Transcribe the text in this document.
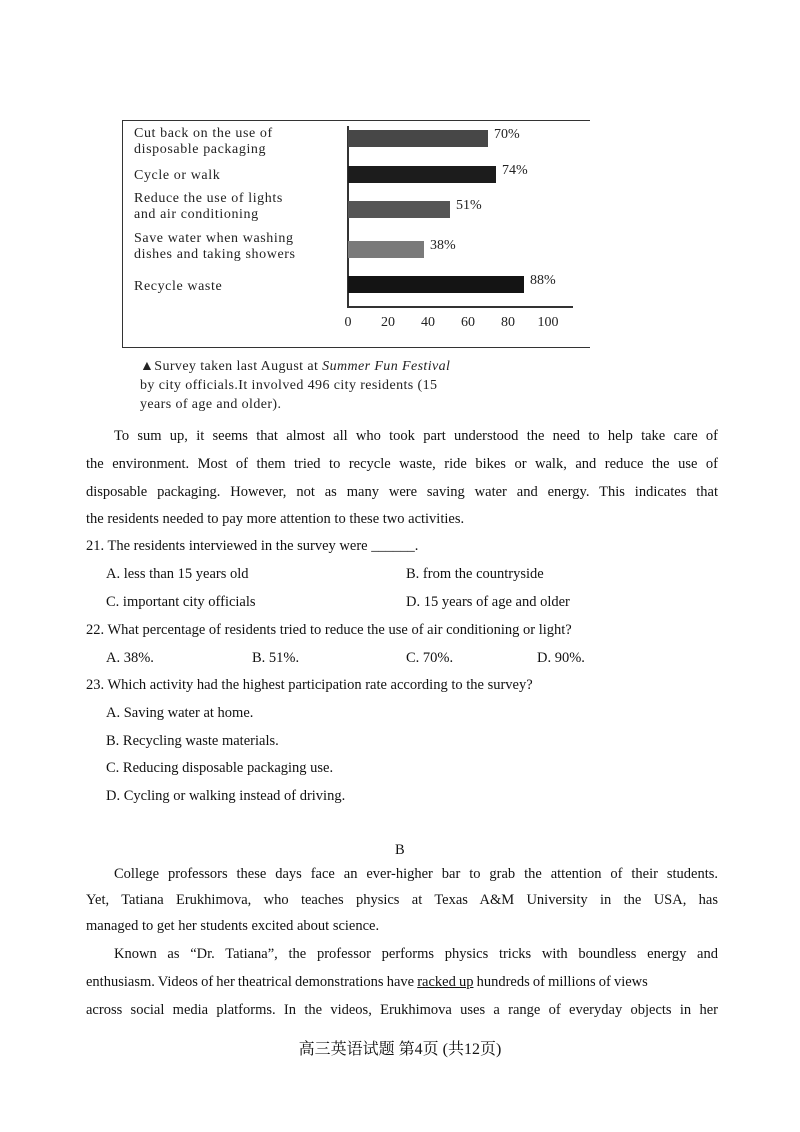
Cut back on the use of
disposable packaging
70%
Cycle or walk	74%
Reduce the use of lights
and air conditioning
51%
Save water when washing
dishes and taking showers
38%
Recycle waste	88%
0 20 40 60 80 100
▲Survey taken last August at Summer Fun Festival
by city officials.It involved 496 city residents (15
years of age and older).
To sum up, it seems that almost all who took part understood the need to help take care of
the environment. Most of them tried to recycle waste, ride bikes or walk, and reduce the use of
disposable packaging. However, not as many were saving water and energy. This indicates that
the residents needed to pay more attention to these two activities.
21. The residents interviewed in the survey were ______.
A. less than 15 years old	B. from the countryside
C. important city officials	D. 15 years of age and older
22. What percentage of residents tried to reduce the use of air conditioning or light?
A. 38%.	B. 51%.	C. 70%.	D. 90%.
23. Which activity had the highest participation rate according to the survey?
A. Saving water at home.
B. Recycling waste materials.
C. Reducing disposable packaging use.
D. Cycling or walking instead of driving.
B
College professors these days face an ever-higher bar to grab the attention of their students.
Yet, Tatiana Erukhimova, who teaches physics at Texas A&M University in the USA, has
managed to get her students excited about science.
Known as “Dr. Tatiana”, the professor performs physics tricks with boundless energy and
enthusiasm. Videos of her theatrical demonstrations have racked up hundreds of millions of views
across social media platforms. In the videos, Erukhimova uses a range of everyday objects in her
高三英语试题 第4页 (共12页)
